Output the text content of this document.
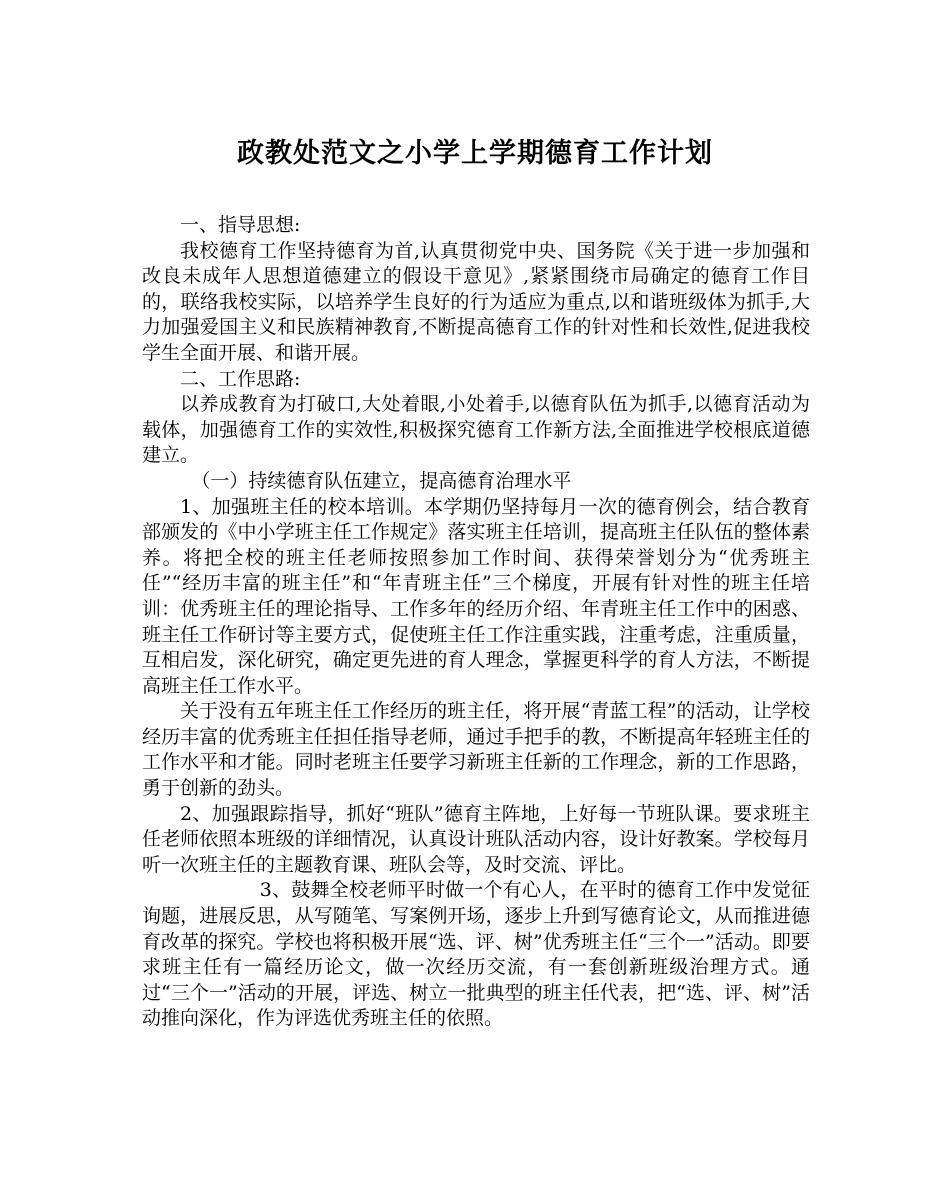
政教处范文之小学上学期德育工作计划

一、指导思想:

我校德育工作坚持德育为首,认真贯彻党中央、国务院《关于进一步加强和改良未成年人思想道德建立的假设干意见》,紧紧围绕市局确定的德育工作目的，联络我校实际，以培养学生良好的行为适应为重点,以和谐班级体为抓手,大力加强爱国主义和民族精神教育,不断提高德育工作的针对性和长效性,促进我校学生全面开展、和谐开展。

二、工作思路:

以养成教育为打破口,大处着眼,小处着手,以德育队伍为抓手,以德育活动为载体，加强德育工作的实效性,积极探究德育工作新方法,全面推进学校根底道德建立。

（一）持续德育队伍建立，提高德育治理水平

1、加强班主任的校本培训。本学期仍坚持每月一次的德育例会，结合教育部颁发的《中小学班主任工作规定》落实班主任培训，提高班主任队伍的整体素养。将把全校的班主任老师按照参加工作时间、获得荣誉划分为“优秀班主任”“经历丰富的班主任”和“年青班主任”三个梯度，开展有针对性的班主任培训：优秀班主任的理论指导、工作多年的经历介绍、年青班主任工作中的困惑、班主任工作研讨等主要方式，促使班主任工作注重实践，注重考虑，注重质量，互相启发，深化研究，确定更先进的育人理念，掌握更科学的育人方法，不断提高班主任工作水平。

关于没有五年班主任工作经历的班主任，将开展“青蓝工程”的活动，让学校经历丰富的优秀班主任担任指导老师，通过手把手的教，不断提高年轻班主任的工作水平和才能。同时老班主任要学习新班主任新的工作理念，新的工作思路，勇于创新的劲头。

2、加强跟踪指导，抓好“班队”德育主阵地，上好每一节班队课。要求班主任老师依照本班级的详细情况，认真设计班队活动内容，设计好教案。学校每月听一次班主任的主题教育课、班队会等，及时交流、评比。

3、鼓舞全校老师平时做一个有心人，在平时的德育工作中发觉征询题，进展反思，从写随笔、写案例开场，逐步上升到写德育论文，从而推进德育改革的探究。学校也将积极开展“选、评、树”优秀班主任“三个一”活动。即要求班主任有一篇经历论文，做一次经历交流，有一套创新班级治理方式。通过“三个一”活动的开展，评选、树立一批典型的班主任代表，把“选、评、树”活动推向深化，作为评选优秀班主任的依照。
